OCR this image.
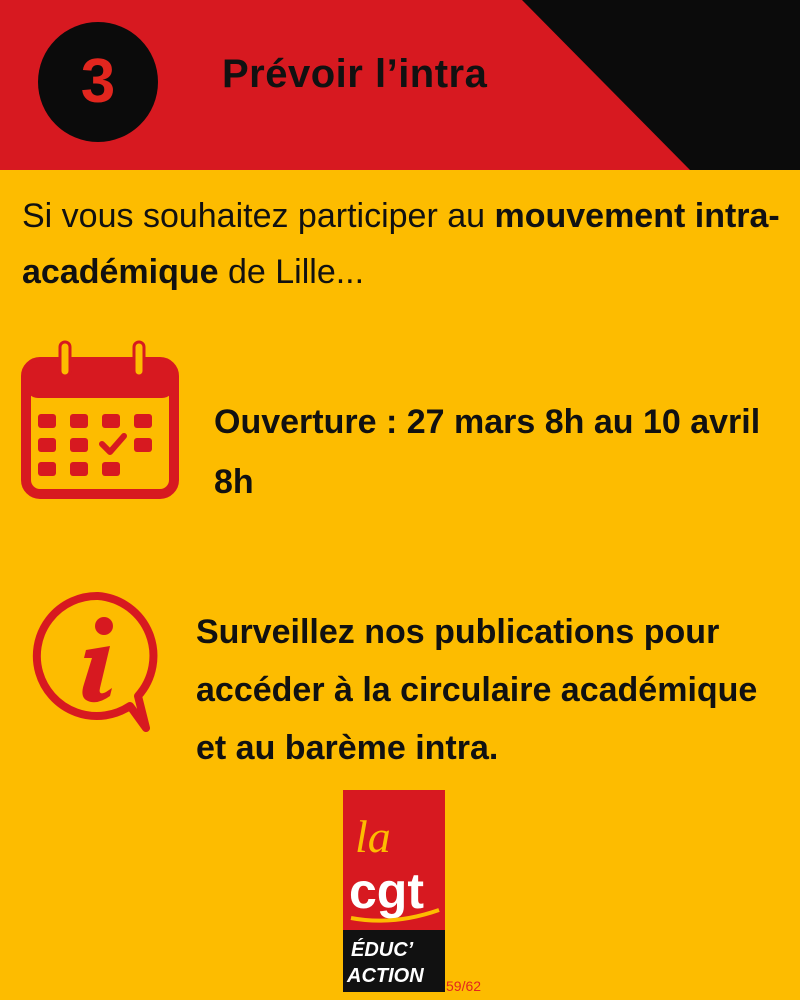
3	Prévoir l’intra
Si vous souhaitez participer au mouvement intra-académique de Lille...
Ouverture : 27 mars 8h au 10 avril 8h
Surveillez nos publications pour accéder à la circulaire académique et au barème intra.
la
cgt
ÉDUC’
ACTION 59/62
